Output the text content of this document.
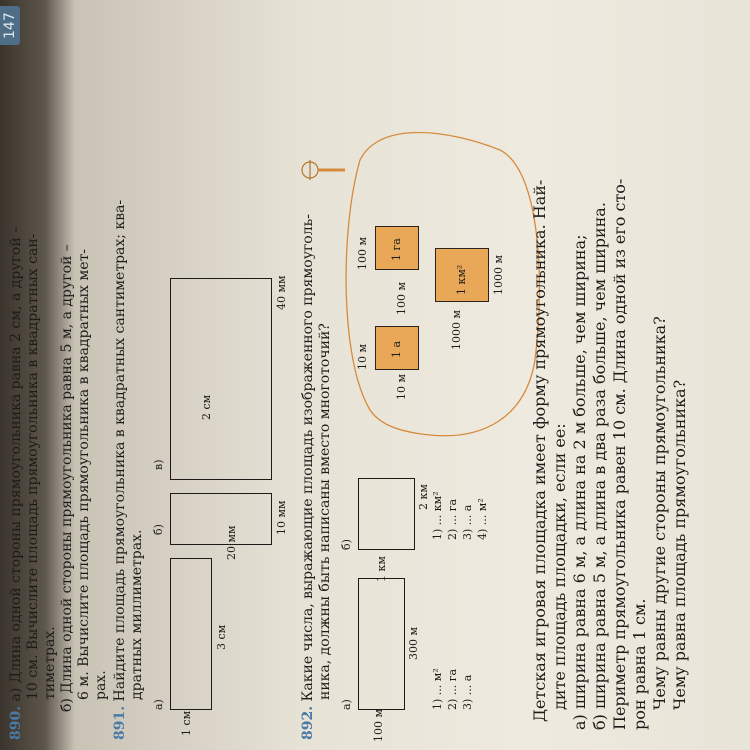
147
890. а) Длина одной стороны прямоугольника равна 2 см, а другой – 10 см. Вычислите площадь прямоугольника в квадратных сан- тиметрах. б) Длина одной стороны прямоугольника равна 5 м, а другой – 6 м. Вычислите площадь прямоугольника в квадратных мет- рах.
891. Найдите площадь прямоугольника в квадратных сантиметрах; ква- дратных миллиметрах.
а)
1 см
3 см
б)	20 мм
10 мм
в)
2 см
40 мм
892. Какие числа, выражающие площадь изображенного прямоуголь- ника, должны быть написаны вместо многоточий?
а)
100 м
300 м
1) ... м² 2) ... га 3) ... а
б)
1 км
2 км 1) ... км² 2) ... га 3) ... а 4) ... м²
10 м
10 м
1 а
100 м
100 м
1 га
1000 м
1 км² 1000 м Детская игровая площадка имеет форму прямоугольника. Най- дите площадь площадки, если ее: а) ширина равна 6 м, а длина на 2 м больше, чем ширина; б) ширина равна 5 м, а длина в два раза больше, чем ширина. Периметр прямоугольника равен 10 см. Длина одной из его сто- рон равна 1 см. Чему равны другие стороны прямоугольника? Чему равна площадь прямоугольника?
